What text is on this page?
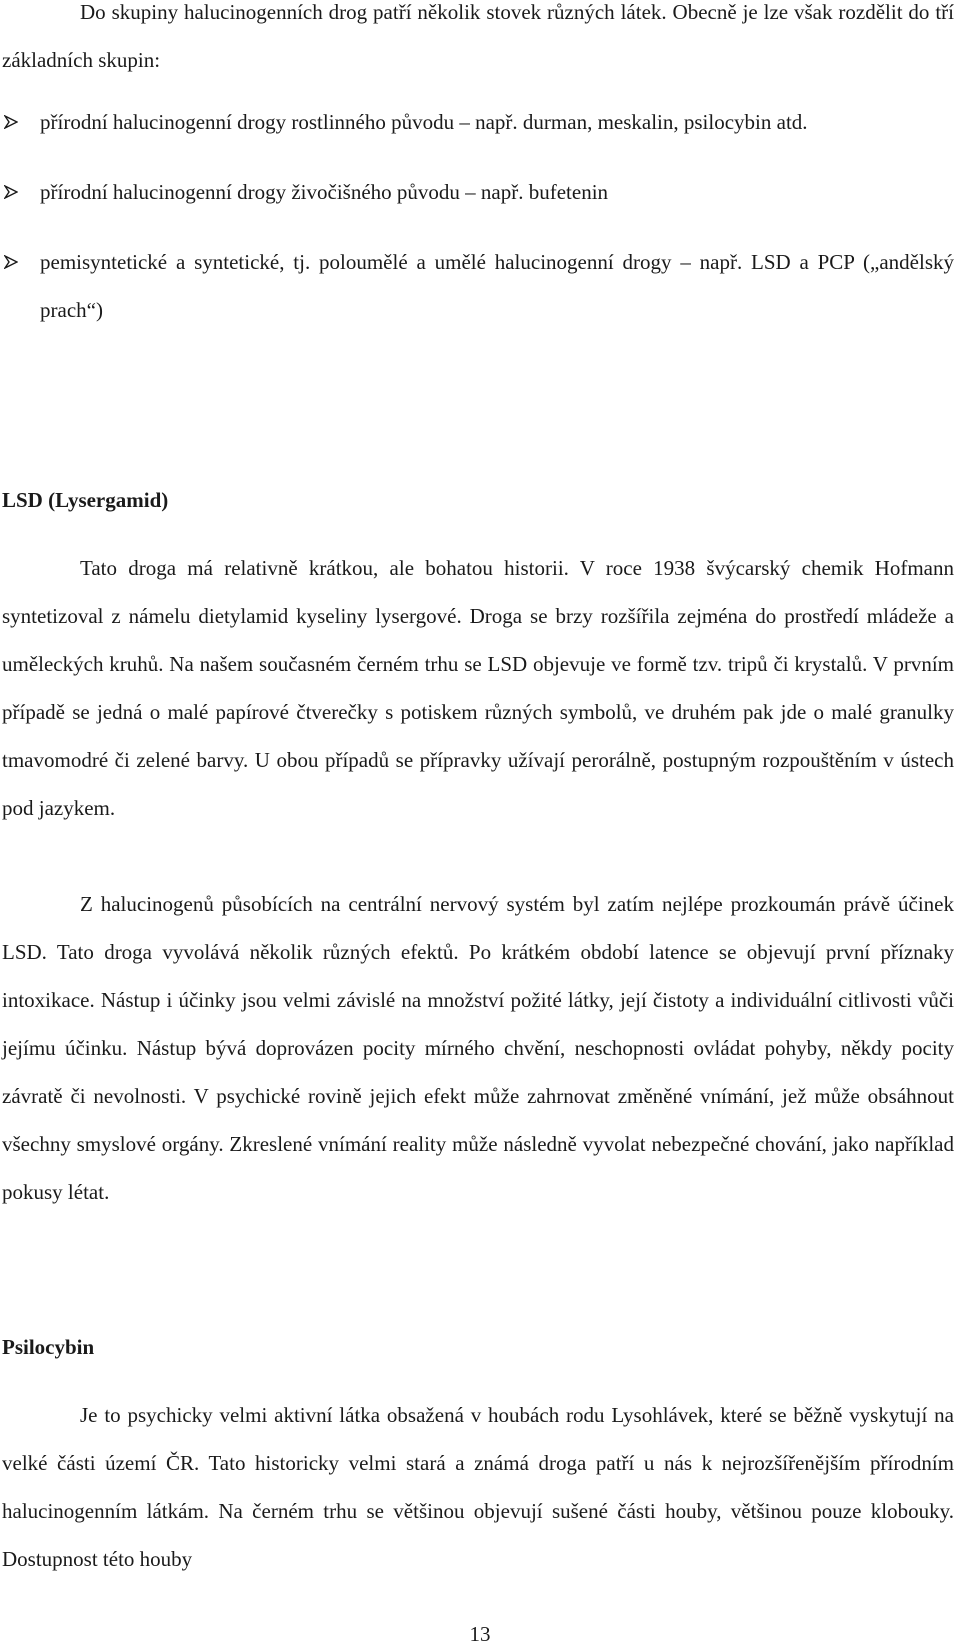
Do skupiny halucinogenních drog patří několik stovek různých látek. Obecně je lze však rozdělit do tří základních skupin:

přírodní halucinogenní drogy rostlinného původu – např. durman, meskalin, psilocybin atd.
přírodní halucinogenní drogy živočišného původu – např. bufetenin
pemisyntetické a syntetické, tj. poloumělé a umělé halucinogenní drogy – např. LSD a PCP („andělský prach“)
LSD (Lysergamid)

Tato droga má relativně krátkou, ale bohatou historii. V roce 1938 švýcarský chemik Hofmann syntetizoval z námelu dietylamid kyseliny lysergové. Droga se brzy rozšířila zejména do prostředí mládeže a uměleckých kruhů. Na našem současném černém trhu se LSD objevuje ve formě tzv. tripů či krystalů. V prvním případě se jedná o malé papírové čtverečky s potiskem různých symbolů, ve druhém pak jde o malé granulky tmavomodré či zelené barvy. U obou případů se přípravky užívají perorálně, postupným rozpouštěním v ústech pod jazykem.

Z halucinogenů působících na centrální nervový systém byl zatím nejlépe prozkoumán právě účinek LSD. Tato droga vyvolává několik různých efektů. Po krátkém období latence se objevují první příznaky intoxikace. Nástup i účinky jsou velmi závislé na množství požité látky, její čistoty a individuální citlivosti vůči jejímu účinku. Nástup bývá doprovázen pocity mírného chvění, neschopnosti ovládat pohyby, někdy pocity závratě či nevolnosti. V psychické rovině jejich efekt může zahrnovat změněné vnímání, jež může obsáhnout všechny smyslové orgány. Zkreslené vnímání reality může následně vyvolat nebezpečné chování, jako například pokusy létat.

Psilocybin

Je to psychicky velmi aktivní látka obsažená v houbách rodu Lysohlávek, které se běžně vyskytují na velké části území ČR. Tato historicky velmi stará a známá droga patří u nás k nejrozšířenějším přírodním halucinogenním látkám. Na černém trhu se většinou objevují sušené části houby, většinou pouze klobouky. Dostupnost této houby

13
